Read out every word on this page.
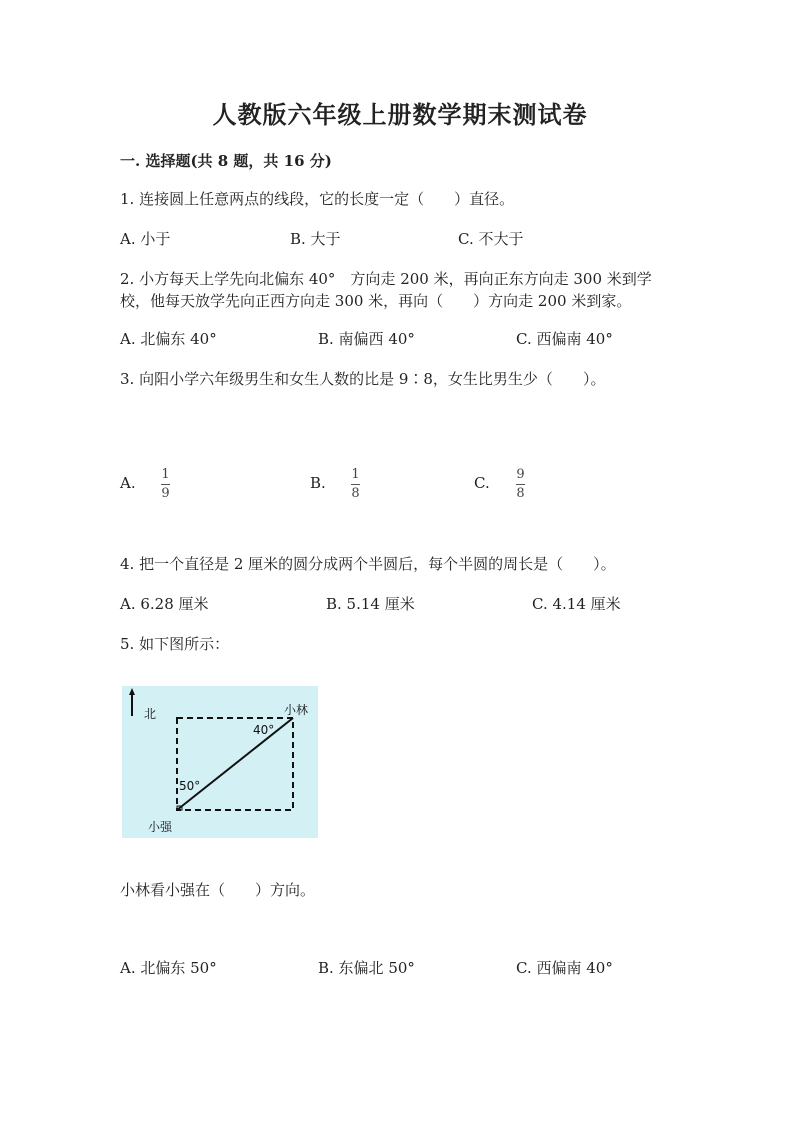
人教版六年级上册数学期末测试卷
一. 选择题(共 8 题，共 16 分)
1. 连接圆上任意两点的线段，它的长度一定（　　）直径。
A. 小于	B. 大于	C. 不大于
2. 小方每天上学先向北偏东 40°　方向走 200 米，再向正东方向走 300 米到学
校，他每天放学先向正西方向走 300 米，再向（　　）方向走 200 米到家。
A. 北偏东 40°	B. 南偏西 40°	C. 西偏南 40°
3. 向阳小学六年级男生和女生人数的比是 9∶8，女生比男生少（　　）。
A. 1
9
B. 1
8
C. 9
8
4. 把一个直径是 2 厘米的圆分成两个半圆后，每个半圆的周长是（　　）。
A. 6.28 厘米	B. 5.14 厘米	C. 4.14 厘米
5. 如下图所示：
北	小林
40°
50°
小强
小林看小强在（　　）方向。
A. 北偏东 50°	B. 东偏北 50°	C. 西偏南 40°
